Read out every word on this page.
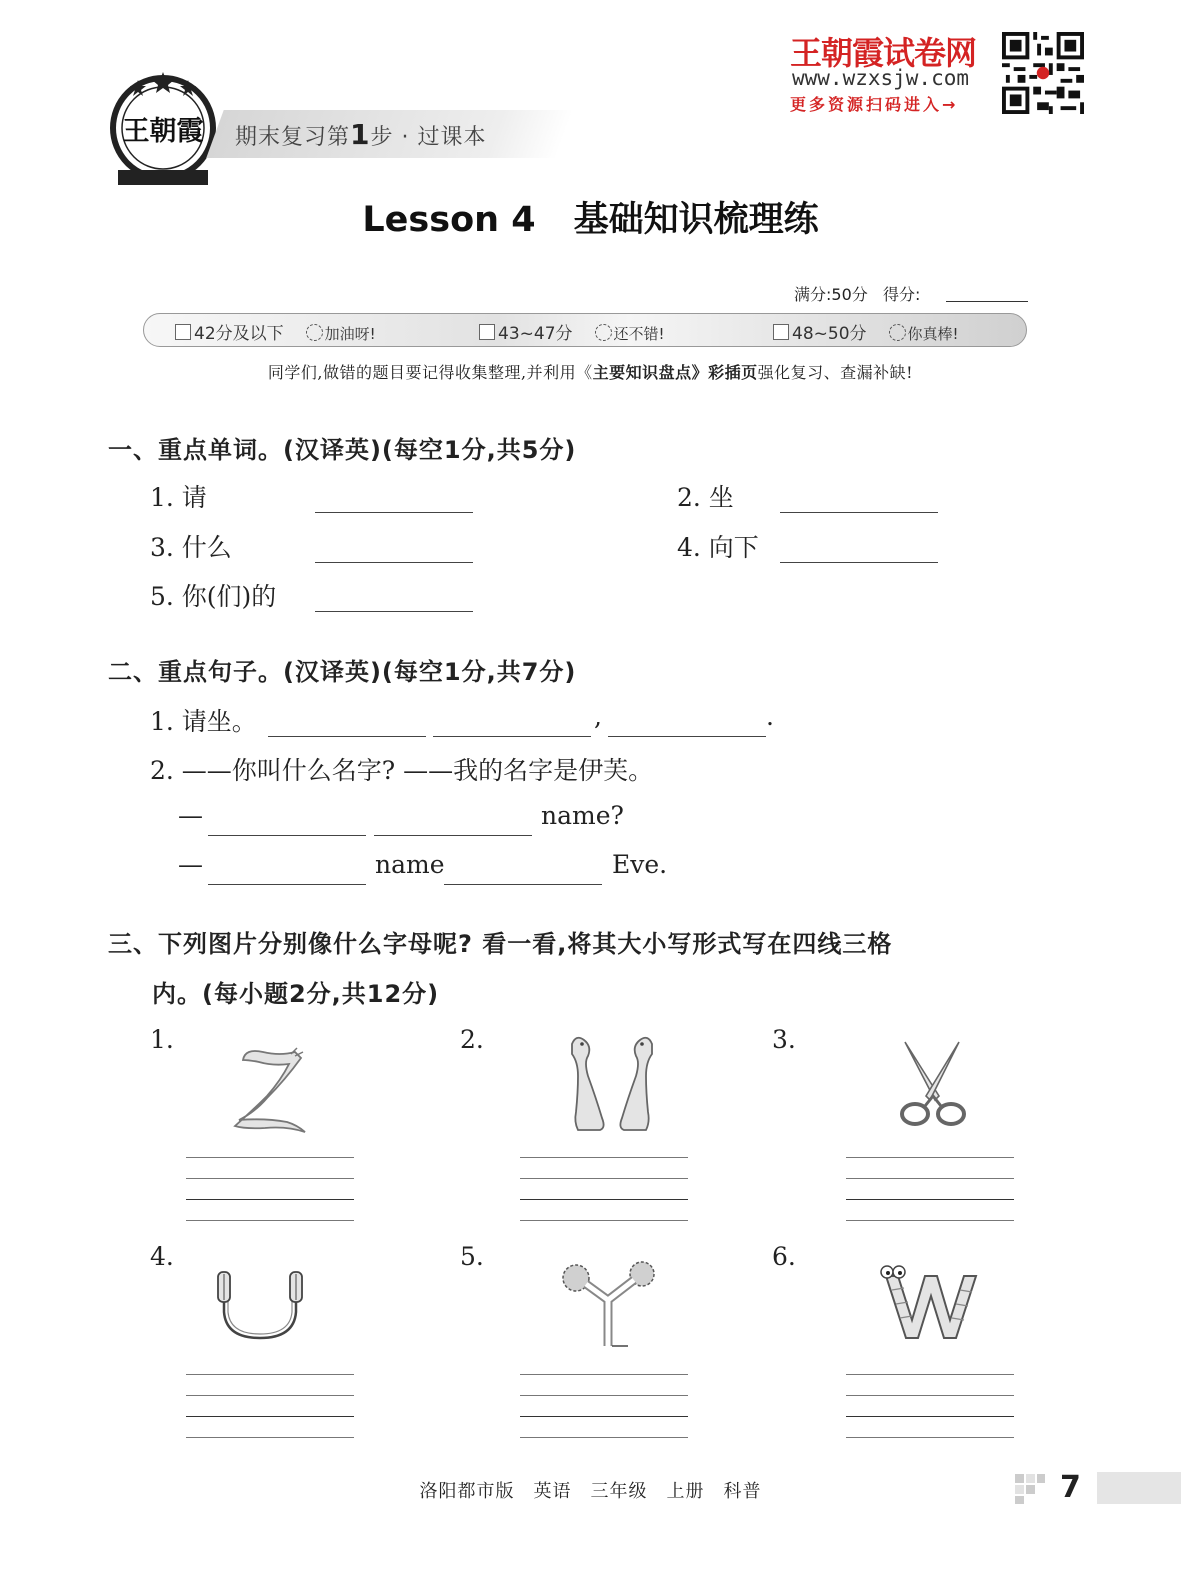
王朝霞 期末复习第1步 · 过课本
王朝霞试卷网
www.wzxsjw.com
更多资源扫码进入→
Lesson 4 基础知识梳理练
满分:50分 得分:
42分及以下	加油呀!	43~47分	还不错!	48~50分	你真棒!
同学们,做错的题目要记得收集整理,并利用《主要知识盘点》彩插页强化复习、查漏补缺!
一、重点单词。(汉译英)(每空1分,共5分)
1. 请	2. 坐
3. 什么	4. 向下
5. 你(们)的
二、重点句子。(汉译英)(每空1分,共7分)
1. 请坐。	,	.
2. ——你叫什么名字? ——我的名字是伊芙。
—	name?
—	name	Eve.
三、下列图片分别像什么字母呢? 看一看,将其大小写形式写在四线三格
内。(每小题2分,共12分)
1.	2.	3.
4.	5.	6.
洛阳都市版　英语　三年级　上册　科普	7
